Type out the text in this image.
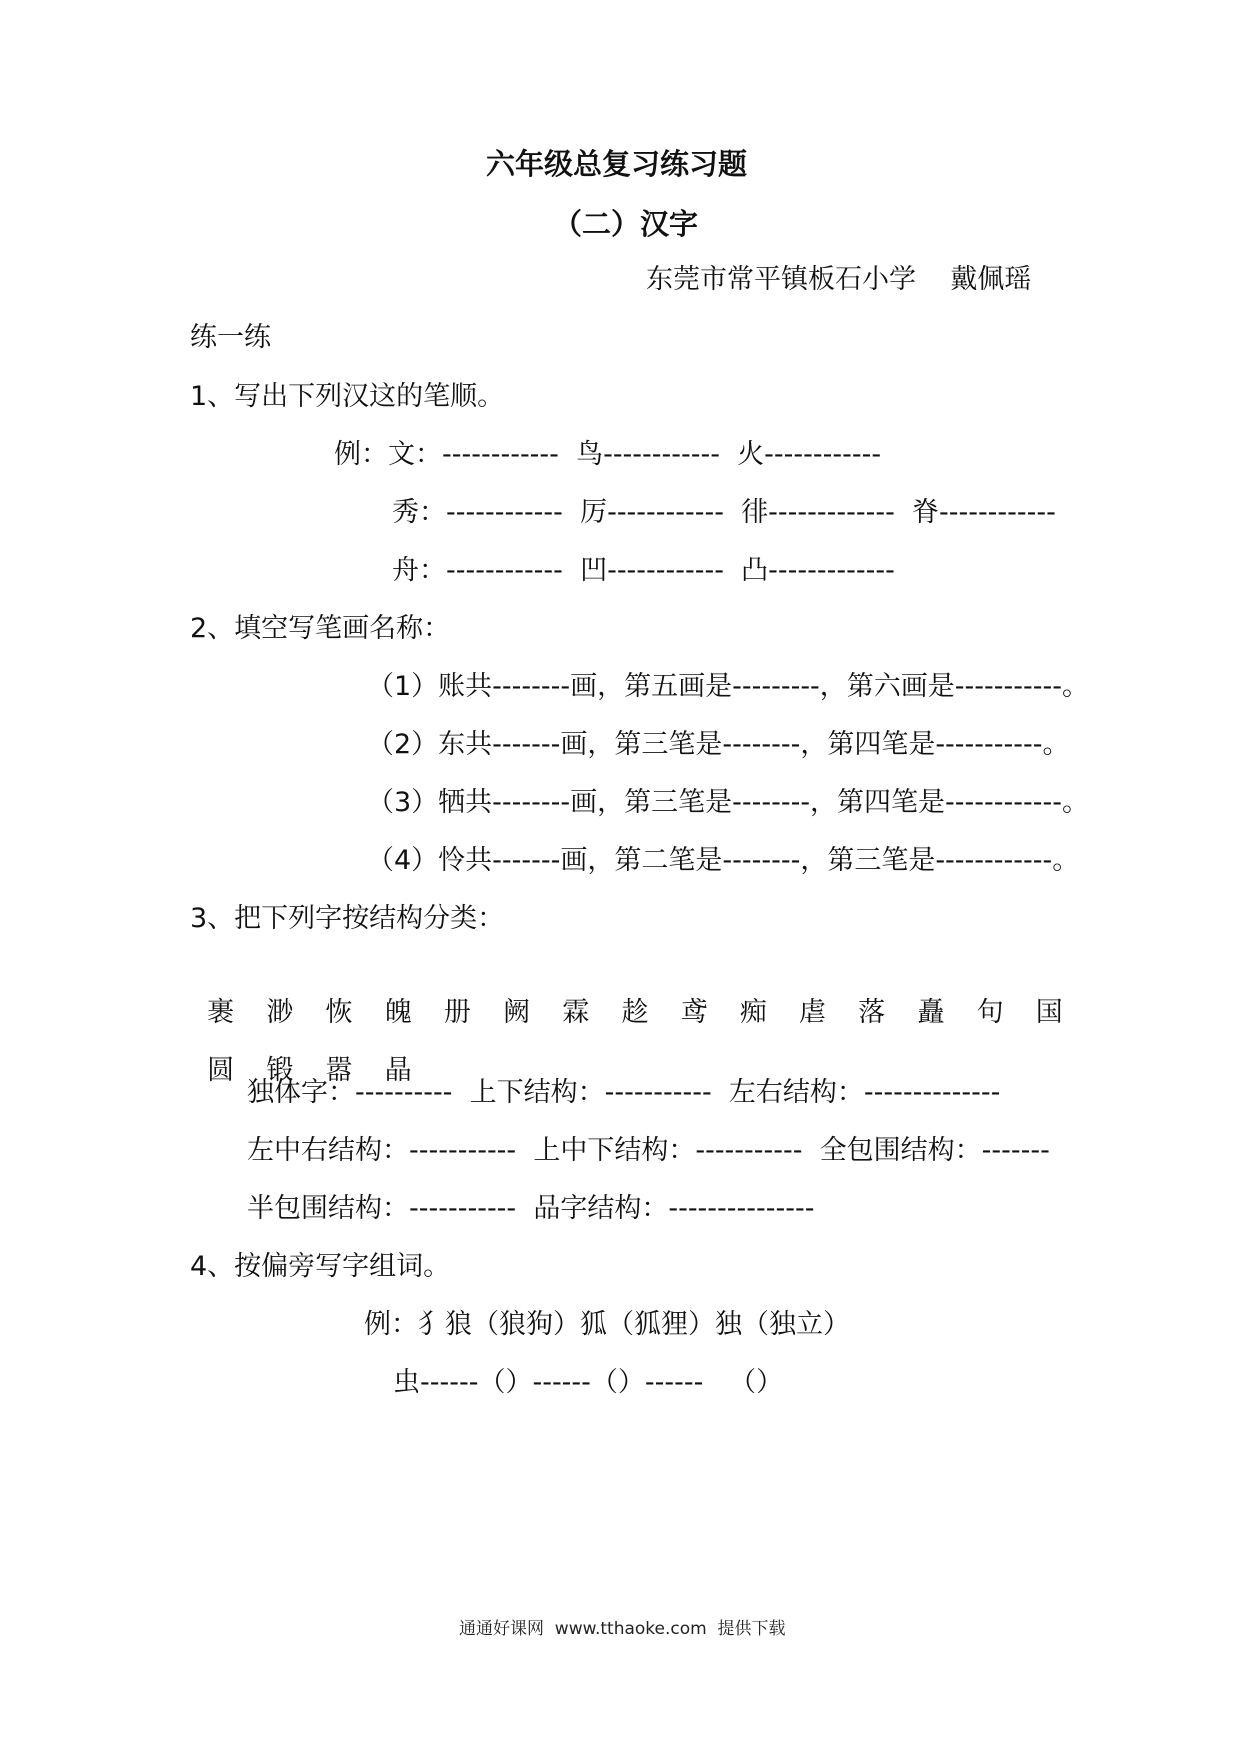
六年级总复习练习题
（二）汉字
东莞市常平镇板石小学    戴佩瑶
练一练
1、写出下列汉这的笔顺。
例：文：------------  鸟------------  火------------
秀：------------  厉------------  徘-------------  脊------------
舟：------------  凹------------  凸-------------
2、填空写笔画名称：
（1）账共--------画，第五画是---------，第六画是-----------。
（2）东共-------画，第三笔是--------，第四笔是-----------。
（3）牺共--------画，第三笔是--------，第四笔是------------。
（4）怜共-------画，第二笔是--------，第三笔是------------。
3、把下列字按结构分类：

裹 渺 恢 魄 册 阙 霖 趁 鸢 痴 虐 落 矗 句 国

圆 锻 嚣 晶

独体字：----------  上下结构：-----------  左右结构：--------------
左中右结构：-----------  上中下结构：-----------  全包围结构：-------
半包围结构：-----------  品字结构：---------------
4、按偏旁写字组词。
例：犭狼（狼狗）狐（狐狸）独（独立）
虫------（）------（）------   （）
通通好课网  www.tthaoke.com  提供下载
